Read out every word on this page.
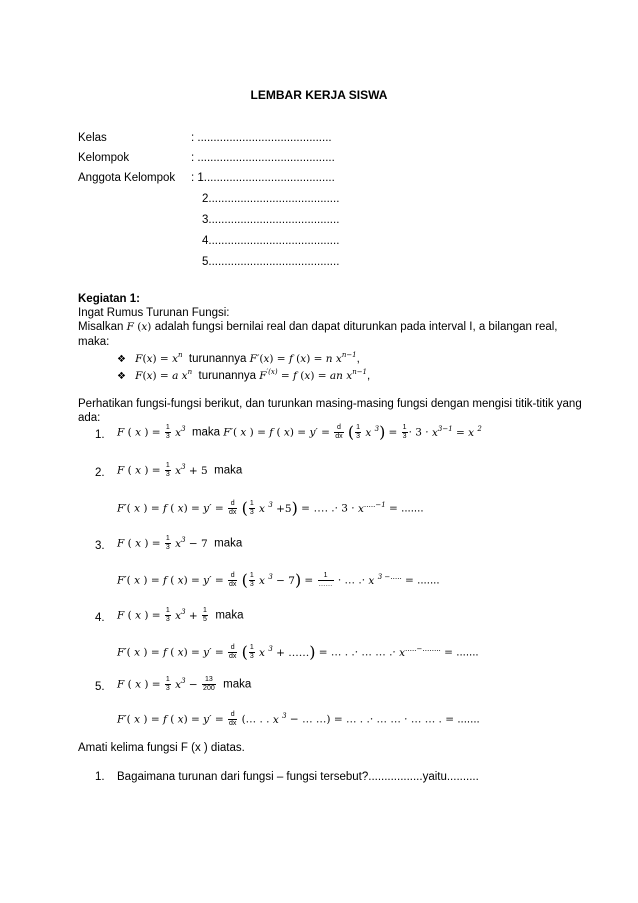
LEMBAR KERJA SISWA
Kelas	: ..........................................
Kelompok	: ...........................................
Anggota Kelompok : 1.........................................
2.........................................
3.........................................
4.........................................
5.........................................
Kegiatan 1:
Ingat Rumus Turunan Fungsi:
Misalkan F (x) adalah fungsi bernilai real dan dapat diturunkan pada interval I, a bilangan real,
maka:
❖ $F(x) = x^n$ turunannya F′(x) = f (x) = n $x^{n-1}$,
❖ F(x) = a $x^n$ turunannya $F^{'(x)} = f$ (x) = an $x^{n-1}$,
Perhatikan fungsi-fungsi berikut, dan turunkan masing-masing fungsi dengan mengisi titik-titik yang
ada:
1. F ( x ) = $\frac{1}{3} x^3$ maka F′( x ) = f ( $x) = y' = \frac{d}{dx}$ ( $\frac{1}{3}$ x $^3) = \frac{1}{3} \cdot 3 \cdot x^{3-1} = x$ $^2$
2. F ( x ) = $\frac{1}{3} x^3 + 5$ maka
F′( x ) = f ( $x) = y' = \frac{d}{dx}$ ( $\frac{1}{3}$ x $^3$ +5) = …. .· $3 \cdot x^{\dots..-1}$ = .......
3. F ( x ) = $\frac{1}{3} x^3 - 7$ maka
F′( x ) = f ( $x) = y' = \frac{d}{dx}$ ( $\frac{1}{3}$ x $^3 - 7) = \frac{1}{\dots\dots}$ · … .· x $^{3 -\dots..}$ = .......
4. F ( x ) = $\frac{1}{3} x^3 + \frac{1}{5}$ maka
F′( x ) = f ( $x) = y' = \frac{d}{dx}$ ( $\frac{1}{3}$ x $^3$ + ……) = … . .· … … .· x…..−…….. = .......
5. F ( x ) = $\frac{1}{3} x^3 - \frac{13}{200}$ maka
F′( x ) = f ( $x) = y' = \frac{d}{dx}$ (… . . x $^3$ − … …) = … . .· … … · … … . = .......
Amati kelima fungsi F (x ) diatas.
1. Bagaimana turunan dari fungsi – fungsi tersebut?.................yaitu..........
